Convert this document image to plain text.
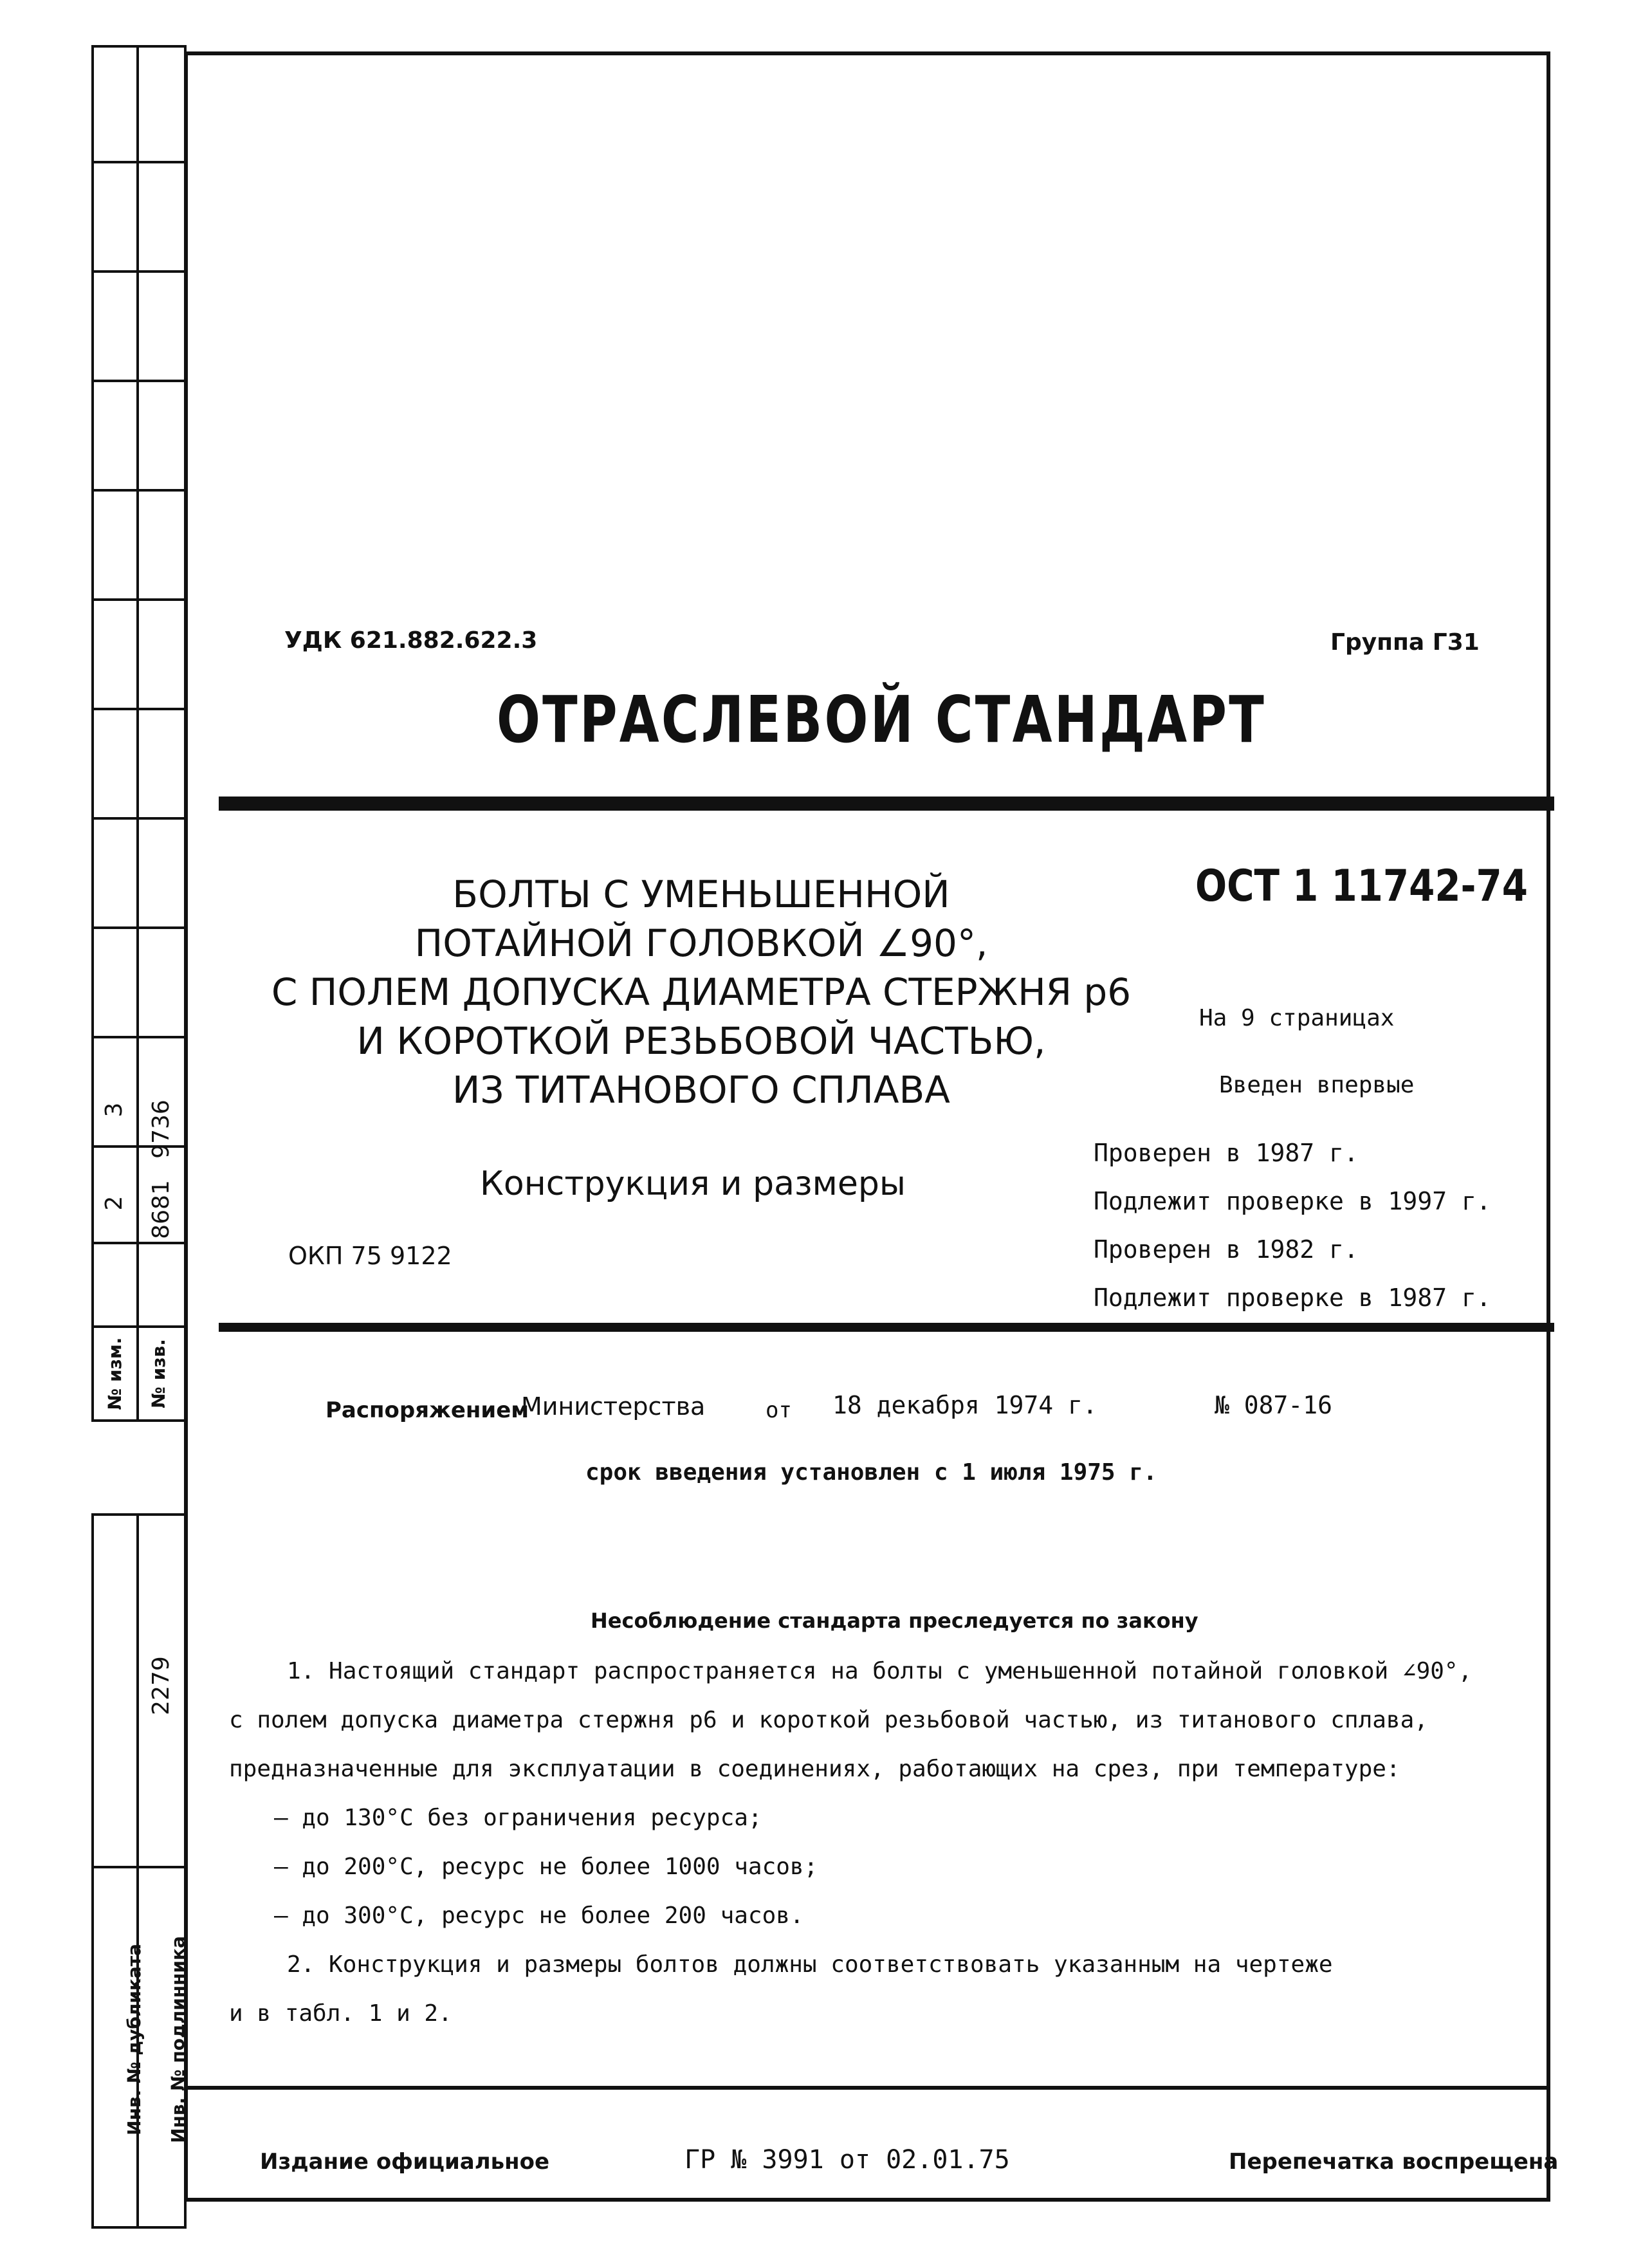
3 9736
2 8681
№ изм. № изв.
2279
Инв. № дубликата Инв. № подлинника
УДК 621.882.622.3	Группа Г31
ОТРАСЛЕВОЙ СТАНДАРТ

БОЛТЫ С УМЕНЬШЕННОЙ

ПОТАЙНОЙ ГОЛОВКОЙ ∠90°,

С ПОЛЕМ ДОПУСКА ДИАМЕТРА СТЕРЖНЯ р6

И КОРОТКОЙ РЕЗЬБОВОЙ ЧАСТЬЮ,

ИЗ ТИТАНОВОГО СПЛАВА

Конструкция и размеры
ОКП 75 9122
ОСТ 1 11742-74
На 9 страницах
Введен впервые
Проверен в 1987 г.
Подлежит проверке в 1997 г.
Проверен в 1982 г.
Подлежит проверке в 1987 г.
Распоряжением
Министерства	от 18 декабря 1974 г.	№ 087-16
срок введения установлен с 1 июля 1975 г.
Несоблюдение стандарта преследуется по закону

1. Настоящий стандарт распространяется на болты с уменьшенной потайной головкой ∠90°,

с полем допуска диаметра стержня р6 и короткой резьбовой частью, из титанового сплава,

предназначенные для эксплуатации в соединениях, работающих на срез, при температуре:

– до 130°С без ограничения ресурса;

– до 200°С, ресурс не более 1000 часов;

– до 300°С, ресурс не более 200 часов.

2. Конструкция и размеры болтов должны соответствовать указанным на чертеже

и в табл. 1 и 2.

Издание официальное	ГР № 3991 от 02.01.75	Перепечатка воспрещена
